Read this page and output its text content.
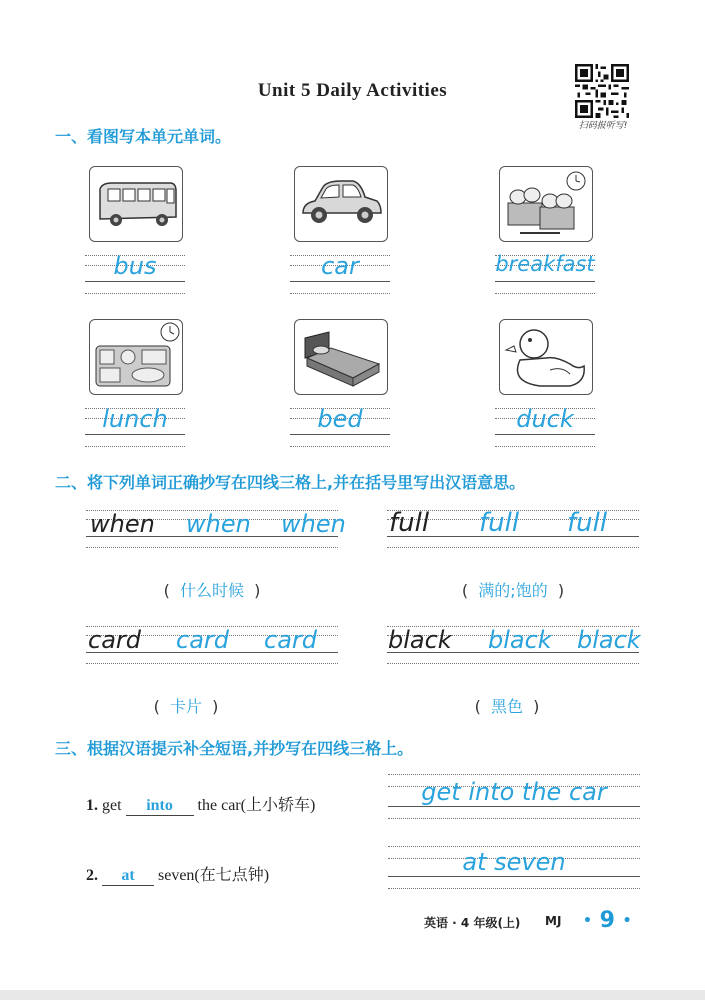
Unit 5 Daily Activities
扫码报听写!
一、看图写本单元单词。
bus	car	breakfast
lunch	bed	duck
二、将下列单词正确抄写在四线三格上,并在括号里写出汉语意思。
when when when full full full
( 什么时候 )	( 满的;饱的 )
card card card	black black black
( 卡片 )	( 黑色 )
三、根据汉语提示补全短语,并抄写在四线三格上。
1. get into the car(上小轿车)	get into the car
2. at seven(在七点钟)	at seven
英语 · 4 年级(上) MJ • 9 •
